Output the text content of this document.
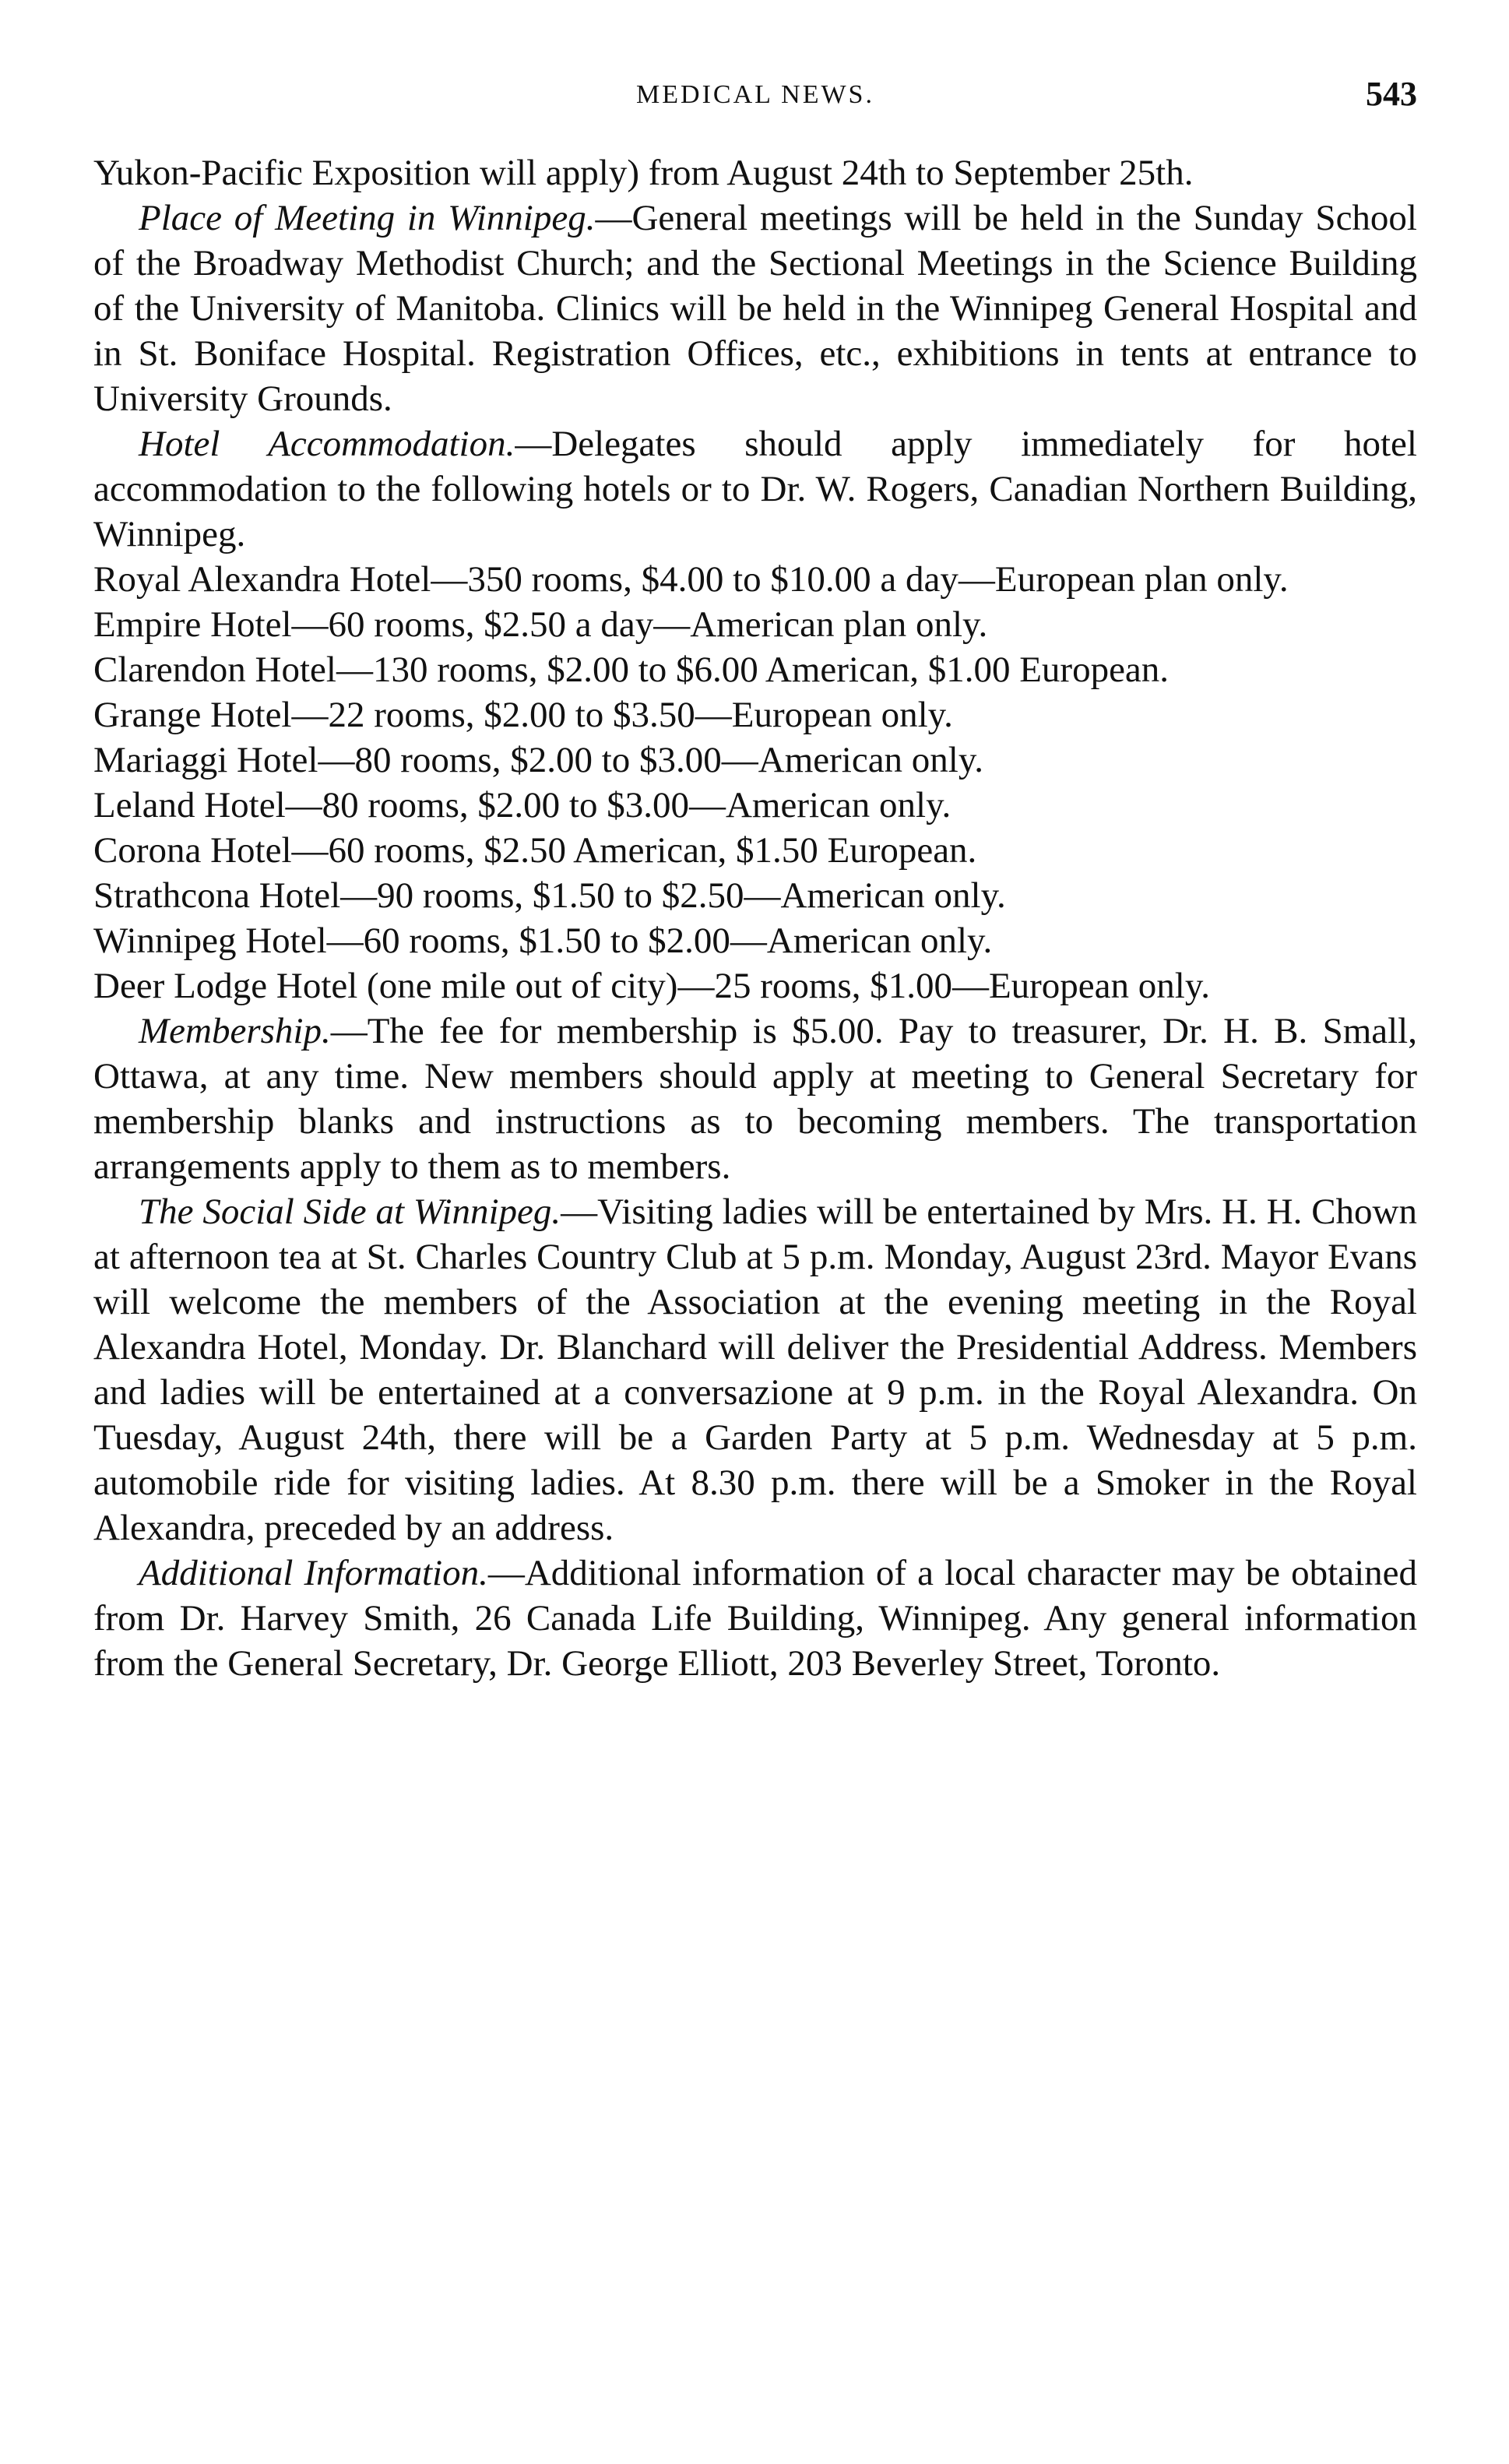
MEDICAL NEWS.	543

Yukon-Pacific Exposition will apply) from August 24th to September 25th.

Place of Meeting in Winnipeg.—General meetings will be held in the Sunday School of the Broadway Methodist Church; and the Sectional Meetings in the Science Building of the University of Manitoba. Clinics will be held in the Winnipeg General Hospital and in St. Boniface Hospital. Registration Offices, etc., exhibitions in tents at entrance to University Grounds.

Hotel Accommodation.—Delegates should apply immediately for hotel accommodation to the following hotels or to Dr. W. Rogers, Canadian Northern Building, Winnipeg.

Royal Alexandra Hotel—350 rooms, $4.00 to $10.00 a day—European plan only.
Empire Hotel—60 rooms, $2.50 a day—American plan only.
Clarendon Hotel—130 rooms, $2.00 to $6.00 American, $1.00 European.
Grange Hotel—22 rooms, $2.00 to $3.50—European only.
Mariaggi Hotel—80 rooms, $2.00 to $3.00—American only.
Leland Hotel—80 rooms, $2.00 to $3.00—American only.
Corona Hotel—60 rooms, $2.50 American, $1.50 European.
Strathcona Hotel—90 rooms, $1.50 to $2.50—American only.
Winnipeg Hotel—60 rooms, $1.50 to $2.00—American only.
Deer Lodge Hotel (one mile out of city)—25 rooms, $1.00—European only.

Membership.—The fee for membership is $5.00. Pay to treasurer, Dr. H. B. Small, Ottawa, at any time. New members should apply at meeting to General Secretary for membership blanks and instructions as to becoming members. The transportation arrangements apply to them as to members.

The Social Side at Winnipeg.—Visiting ladies will be entertained by Mrs. H. H. Chown at afternoon tea at St. Charles Country Club at 5 p.m. Monday, August 23rd. Mayor Evans will welcome the members of the Association at the evening meeting in the Royal Alexandra Hotel, Monday. Dr. Blanchard will deliver the Presidential Address. Members and ladies will be entertained at a conversazione at 9 p.m. in the Royal Alexandra. On Tuesday, August 24th, there will be a Garden Party at 5 p.m. Wednesday at 5 p.m. automobile ride for visiting ladies. At 8.30 p.m. there will be a Smoker in the Royal Alexandra, preceded by an address.

Additional Information.—Additional information of a local character may be obtained from Dr. Harvey Smith, 26 Canada Life Building, Winnipeg. Any general information from the General Secretary, Dr. George Elliott, 203 Beverley Street, Toronto.
